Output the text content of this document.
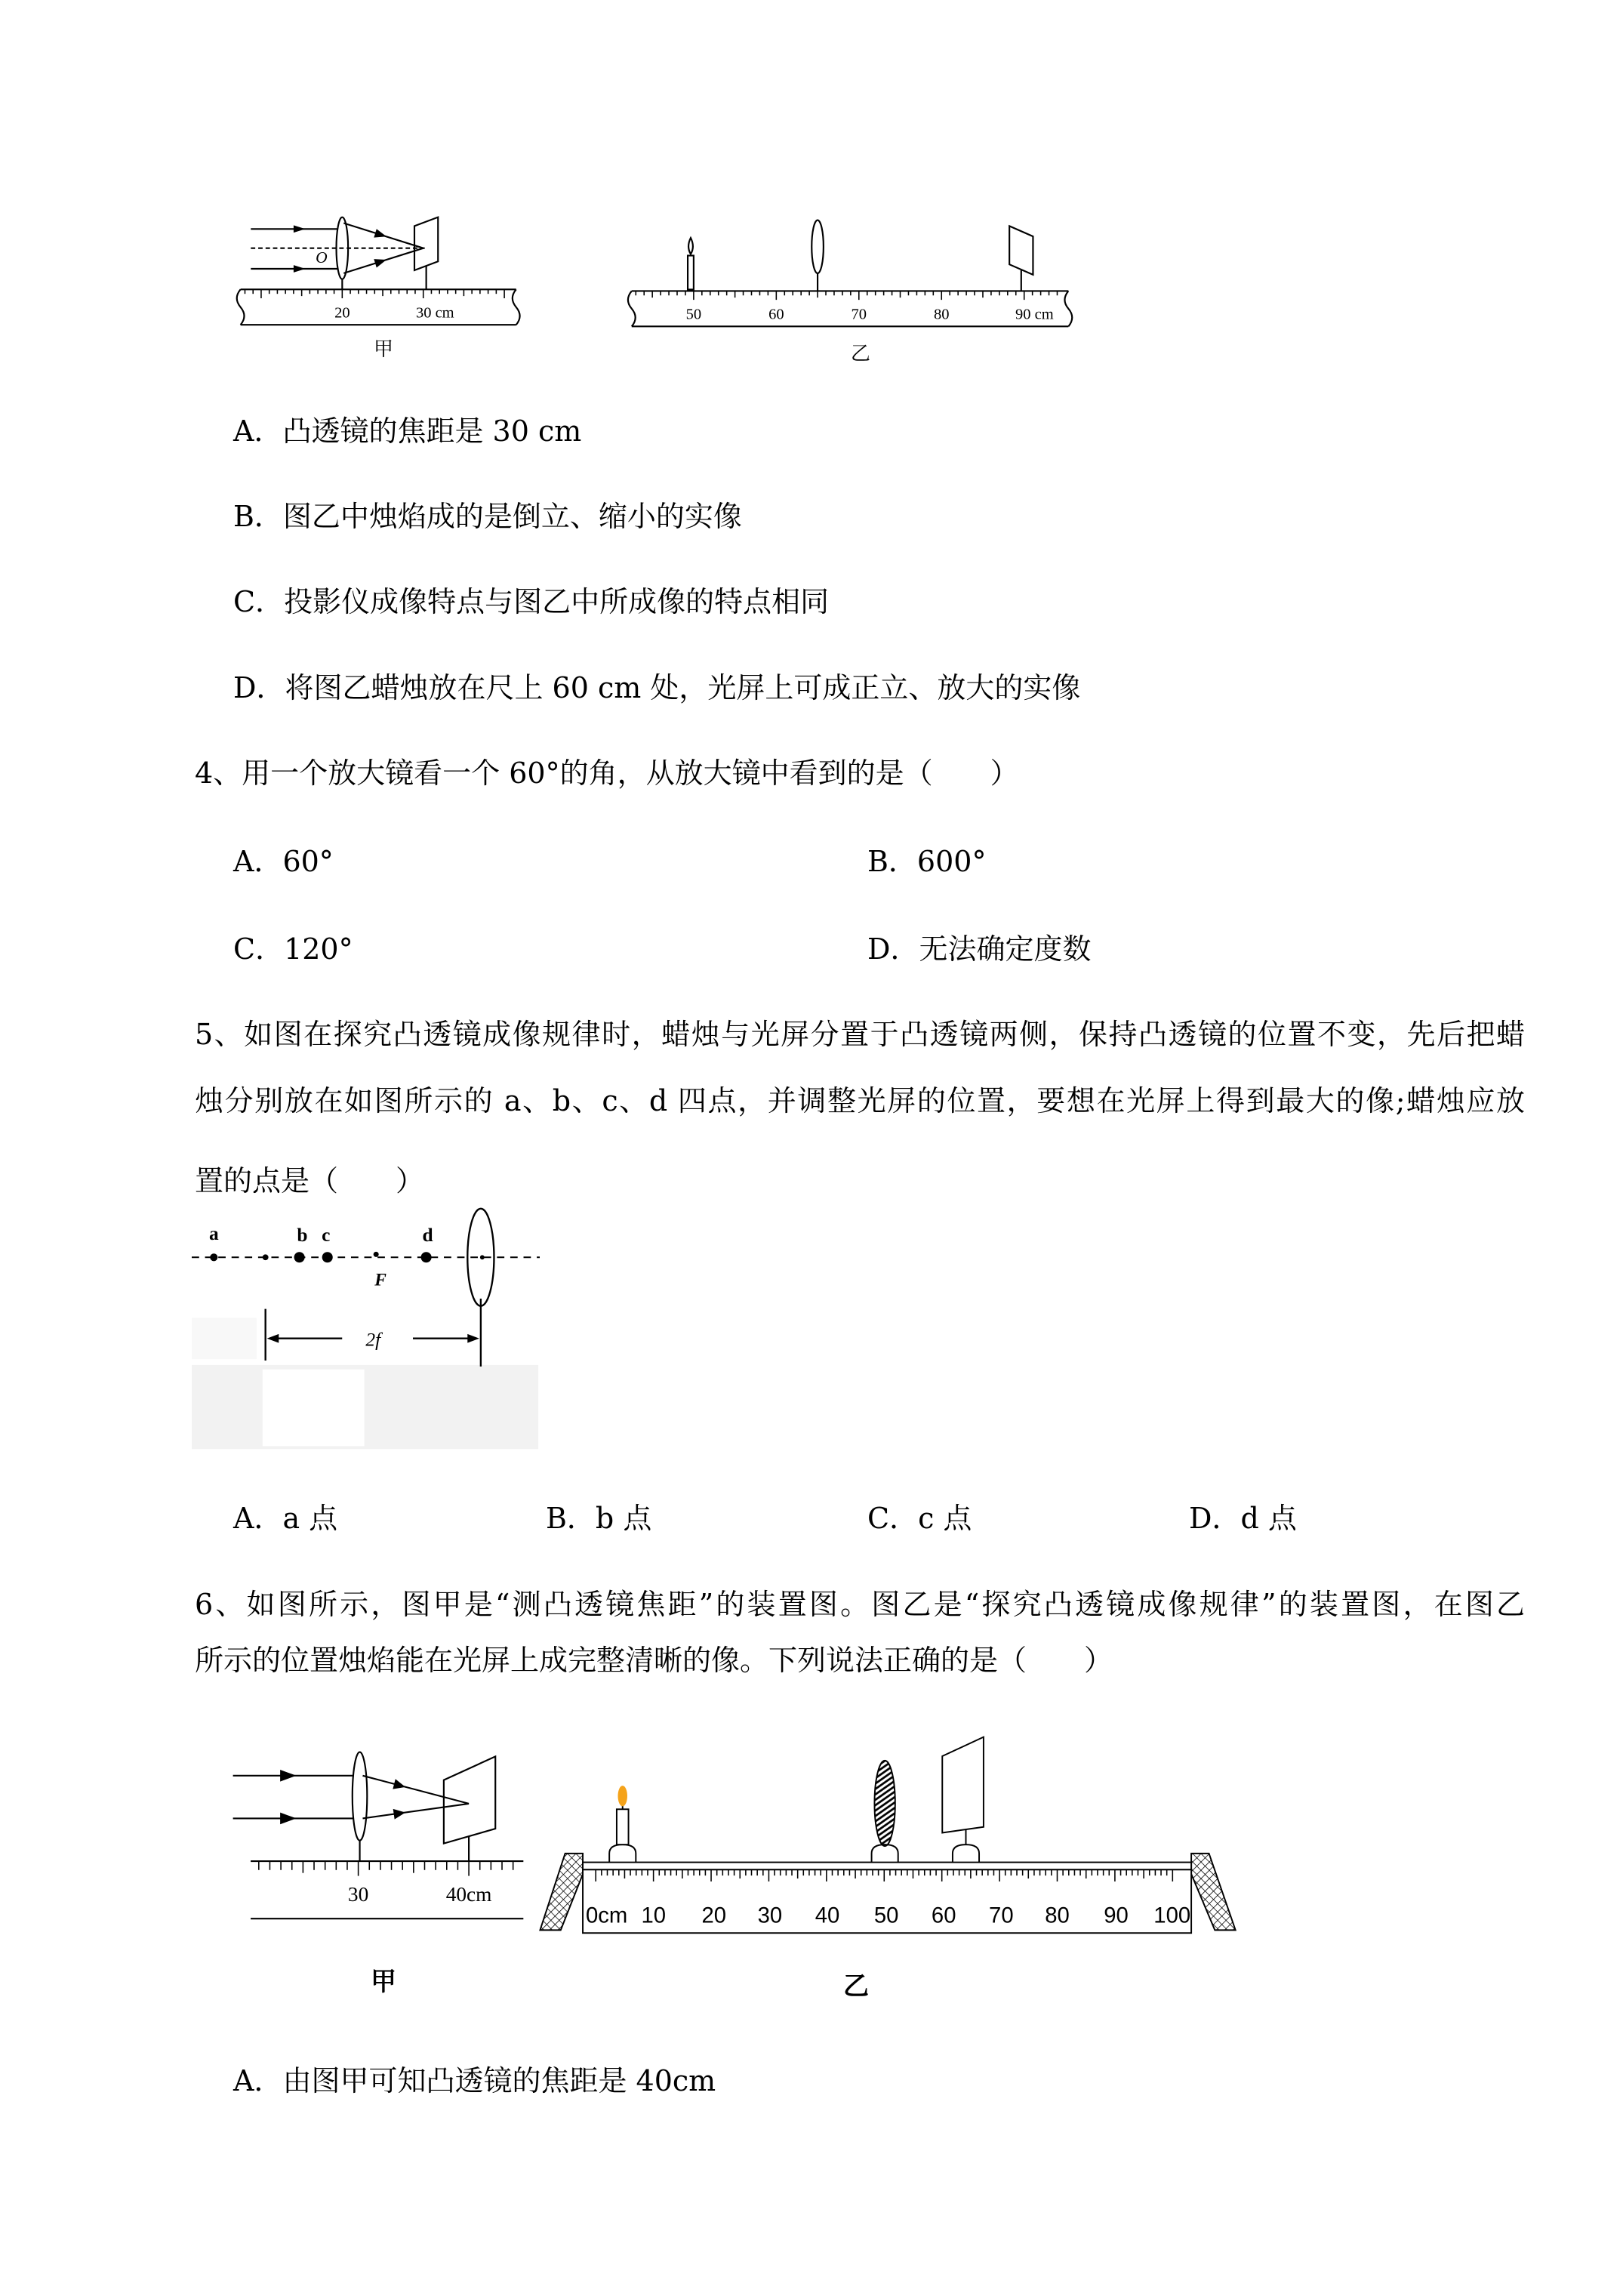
O
20	30 cm
甲
50	60	70	80	90 cm
乙
A．凸透镜的焦距是 30 cm
B．图乙中烛焰成的是倒立、缩小的实像
C．投影仪成像特点与图乙中所成像的特点相同
D．将图乙蜡烛放在尺上 60 cm 处，光屏上可成正立、放大的实像
4、用一个放大镜看一个 60°的角，从放大镜中看到的是（　　）
A．60°	B．600°
C．120°	D．无法确定度数
5、如图在探究凸透镜成像规律时，蜡烛与光屏分置于凸透镜两侧，保持凸透镜的位置不变，先后把蜡
烛分别放在如图所示的 a、b、c、d 四点，并调整光屏的位置，要想在光屏上得到最大的像;蜡烛应放
置的点是（　　）
a	b c	d
F
2f
A．a 点	B．b 点	C．c 点	D．d 点
6、如图所示，图甲是“测凸透镜焦距”的装置图。图乙是“探究凸透镜成像规律”的装置图，在图乙
所示的位置烛焰能在光屏上成完整清晰的像。下列说法正确的是（　　）
30	40cm
0cm 10	20	30	40	50	60	70	80	90 100
甲	乙
A．由图甲可知凸透镜的焦距是 40cm
